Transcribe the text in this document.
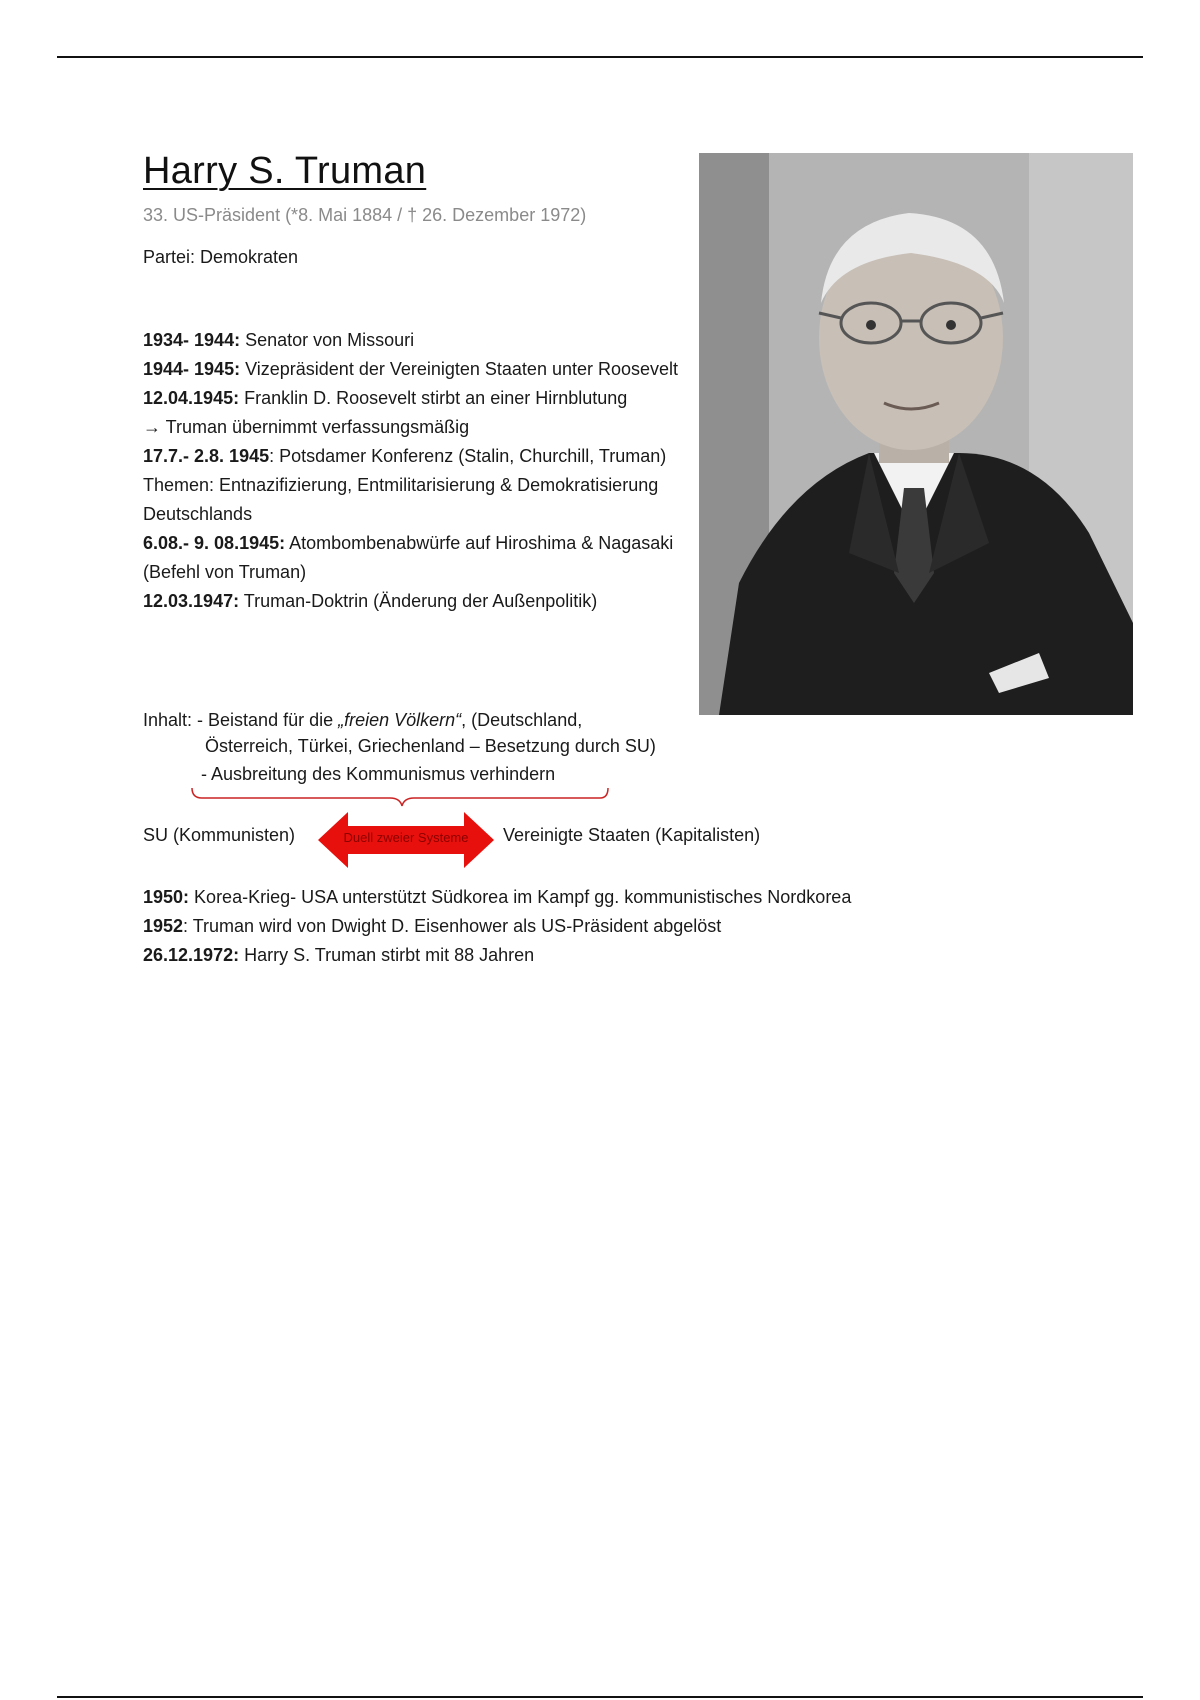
Harry S. Truman
33. US-Präsident (*8. Mai 1884 / † 26. Dezember 1972)
Partei: Demokraten

1934- 1944: Senator von Missouri

1944- 1945: Vizepräsident der Vereinigten Staaten unter Roosevelt

12.04.1945: Franklin D. Roosevelt stirbt an einer Hirnblutung

→ Truman übernimmt verfassungsmäßig

17.7.- 2.8. 1945: Potsdamer Konferenz (Stalin, Churchill, Truman)

Themen: Entnazifizierung, Entmilitarisierung & Demokratisierung Deutschlands

6.08.- 9. 08.1945: Atombombenabwürfe auf Hiroshima & Nagasaki (Befehl von Truman)

12.03.1947: Truman-Doktrin (Änderung der Außenpolitik)

Inhalt: - Beistand für die „freien Völkern“, (Deutschland,
Österreich, Türkei, Griechenland – Besetzung durch SU)
- Ausbreitung des Kommunismus verhindern
SU (Kommunisten)	Duell zweier Systeme	Vereinigte Staaten (Kapitalisten)

1950: Korea-Krieg- USA unterstützt Südkorea im Kampf gg. kommunistisches Nordkorea

1952: Truman wird von Dwight D. Eisenhower als US-Präsident abgelöst

26.12.1972: Harry S. Truman stirbt mit 88 Jahren
